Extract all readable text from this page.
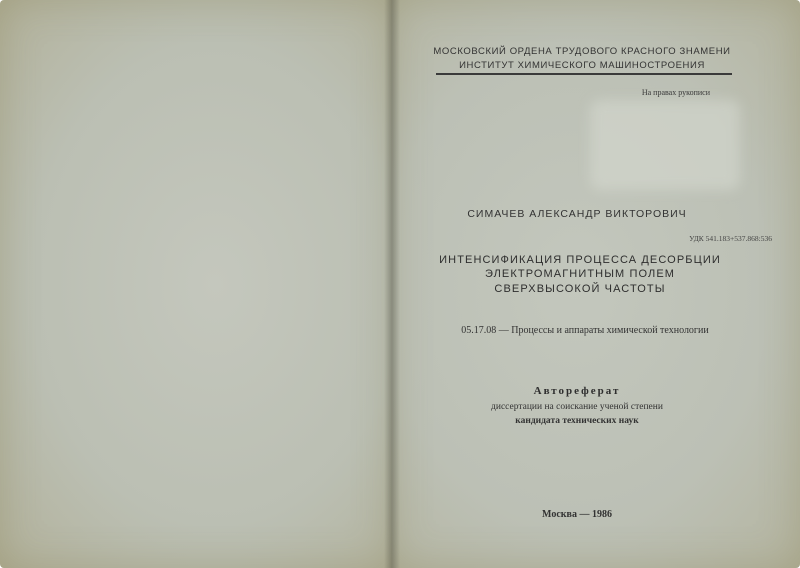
МОСКОВСКИЙ ОРДЕНА ТРУДОВОГО КРАСНОГО ЗНАМЕНИ
ИНСТИТУТ ХИМИЧЕСКОГО МАШИНОСТРОЕНИЯ
На правах рукописи
СИМАЧЕВ АЛЕКСАНДР ВИКТОРОВИЧ
УДК 541.183+537.868:536
ИНТЕНСИФИКАЦИЯ ПРОЦЕССА ДЕСОРБЦИИ
ЭЛЕКТРОМАГНИТНЫМ ПОЛЕМ
СВЕРХВЫСОКОЙ ЧАСТОТЫ
05.17.08 — Процессы и аппараты химической технологии
Автореферат
диссертации на соискание ученой степени
кандидата технических наук
Москва — 1986
